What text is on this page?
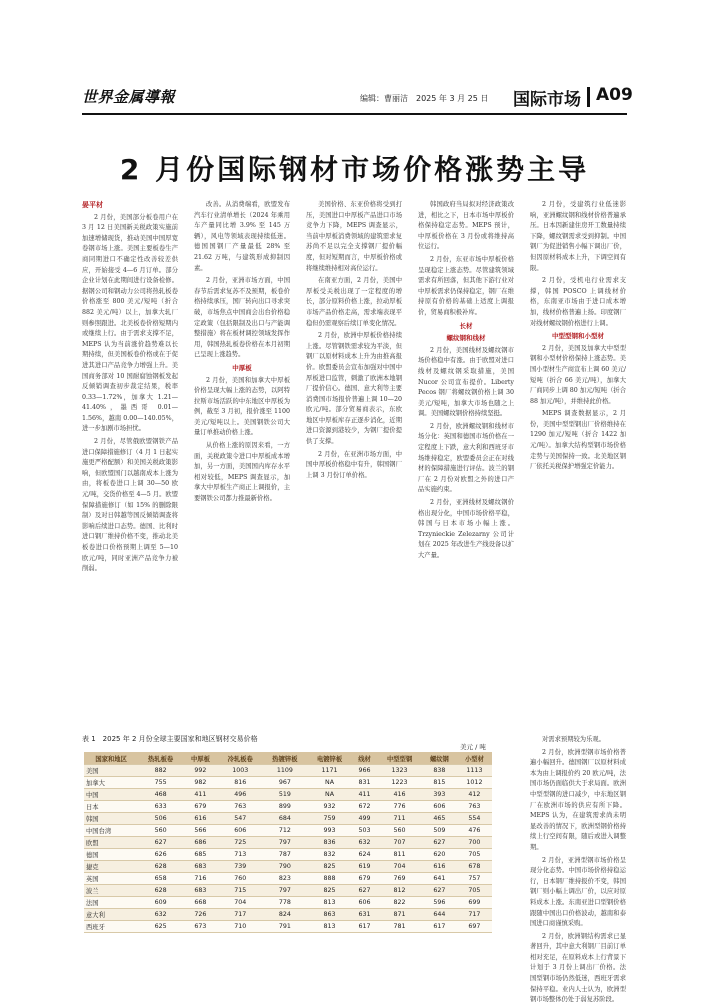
世界金属導報	编辑：曹丽洁　2025 年 3 月 25 日 国际市场 A09
2 月份国际钢材市场价格涨势主导

晏平材

2 月份，美国部分板卷用户在 3 月 12 日美国新关税政策实施前加速增储现货，推动美国中国厚宽卷钢市场上涨。美国主要板卷生产商同期进口不确定性改善较差供应，开始接受 4—6 月订单。部分企业计划在此期间进行设备检修。据钢公司和钢动力公司将热轧板卷价格涨至 800 美元/短吨（折合 882 美元/吨）以上，加拿大轧厂则参照跟进。北美板卷价格短期内或继续上行。由于需求支撑不足，MEPS 认为当前涨价趋势难以长期持续，但美国板卷价格或在于促进其进口产品竞争力增强上升。美国商务部对 10 国耐腐蚀钢板发起反倾销调查初步裁定结果，税率 0.33—1.72%，加拿大 1.21—41.40%，墨西哥 0.01—1.56%，越南 0.00—140.05%，进一步加剧市场担忧。

2 月份，尽管俄欧盟钢铁产品进口保障措施修订（4 月 1 日起实施更严格配额）和美国关税政策影响，但欧盟国门以越南成本上涨为由，将板卷进口上调 30—50 欧元/吨，交货价格至 4—5 月。欧盟保障措施修订（如 15% 的删除限制）及对日韩越等国反倾销调查将影响后续进口态势。德国、比利时进口钢厂维持价格不变，推动北美板卷进口价格预期上调至 5—10 欧元/吨，同时亚洲产品竞争力被削弱。

改善。从消费端看，欧盟发布汽车行业清单增长（2024 年乘用车产量同比增 3.9% 至 145 万辆），风电等领域表现持续低迷。德国国钢厂产量最低 28% 至 21.62 万吨，与建筑形成抑制因素。

2 月份，亚洲市场方面，中国春节后需求复苏不及预期，板卷价格持续承压，国厂转向出口寻求突破，市场焦点中国商会出台价格稳定政策（包括限制及出口与产能调整措施）将在板材调控领域发挥作用，韩国热轧板卷价格在本月初期已呈现上涨趋势。

中厚板

2 月份，美国和加拿大中厚板价格呈现大幅上涨的态势，以阿特拉斯市场活跃的中东地区中厚板为例，截至 3 月初，报价涨至 1100 美元/短吨以上。美国钢铁公司大量订单推动价格上涨。

从价格上涨的原因来看，一方面，关税政策令进口中厚板成本增加，另一方面，美国国内库存水平相对较低，MEPS 调查显示，加拿大中厚板生产商正上调报价，主要钢铁公司都力推最新价格。

美国价格、东亚价格将受到打压，美国进口中厚板产品进口市场竞争力下降，MEPS 调查显示，当前中厚板消费领域的建筑需求复苏尚不足以完全支撑钢厂提价幅度，但对短期而言，中厚板价格或将继续维持相对高位运行。

在南亚方面，2 月份，美国中厚板受关税出现了一定程度的增长，部分原料价格上涨，拉动厚板市场产品价格走高，需求端表现平稳但仍需观察后续订单变化情况。

2 月份，欧洲中厚板价格持续上涨。尽管钢铁需求较为平淡，但钢厂以原材料成本上升为由推高报价。欧盟委员会宣布加强对中国中厚板进口监管，刺激了欧洲本地钢厂提价信心。德国、意大利等主要消费国市场报价普遍上调 10—20 欧元/吨。部分贸易商表示，东欧地区中厚板库存正逐步消化，近期进口资源到港较少，为钢厂提价提供了支撑。

2 月份，在亚洲市场方面，中国中厚板价格稳中有升，韩国钢厂上调 3 月份订单价格。

韩国政府当局拟对经济政策改进，相比之下，日本市场中厚板价格保持稳定态势。MEPS 预计，中厚板价格在 3 月份或将维持高位运行。

2 月份，东亚市场中厚板价格呈现稳定上涨态势。尽管建筑领域需求有所回落，但其他下游行业对中厚板需求仍保持稳定，钢厂在维持原有价格的基础上适度上调报价，贸易商积极补库。

长材

螺纹钢和线材

2 月份，美国线材及螺纹钢市场价格稳中有涨。由于欧盟对进口线材及螺纹钢采取措施，美国 Nucor 公司宣布提价。Liberty Pecos 钢厂将螺纹钢价格上调 30 美元/短吨，加拿大市场也随之上调。美国螺纹钢价格持续坚挺。

2 月份，欧洲螺纹钢和线材市场分化：英国和德国市场价格在一定程度上下跌，意大利和西班牙市场维持稳定，欧盟委员会正在对线材的保障措施进行评估。波兰的钢厂在 2 月份对欧盟之外的进口产品实施约束。

2 月份，亚洲线材及螺纹钢价格出现分化，中国市场价格平稳，韩国与日本市场小幅上涨。Trzynieckie Zelezarny 公司计划在 2025 年改进生产线设备以扩大产量。

2 月份，受建筑行业低迷影响，亚洲螺纹钢和线材价格普遍承压。日本因新建住房开工数量持续下降，螺纹钢需求受到抑制。中国钢厂为促进销售小幅下调出厂价，但因原材料成本上升，下调空间有限。

2 月份，受机电行业需求支撑，韩国 POSCO 上调线材价格，东南亚市场由于进口成本增加，线材价格普遍上扬。印度钢厂对线材螺纹钢价格进行上调。

中型型钢和小型材

2 月份，美国及加拿大中型型钢和小型材价格保持上涨态势。美国小型材生产商宣布上调 60 美元/短吨（折合 66 美元/吨），加拿大厂商同步上调 80 加元/短吨（折合 88 加元/吨），并维持此价格。

MEPS 调查数据显示，2 月份，美国中型型钢出厂价格维持在 1290 加元/短吨（折合 1422 加元/吨）。加拿大结构型钢市场价格走势与美国保持一致。北美地区钢厂依托关税保护增强定价能力。

对需求预期较为乐观。

2 月份，欧洲型钢市场价格普遍小幅回升。德国钢厂以原材料成本为由上调报价约 20 欧元/吨，法国市场仍面临供大于求局面。欧洲中型型钢的进口减少，中东地区钢厂在欧洲市场的供应有所下降。MEPS 认为，在建筑需求尚未明显改善的情况下，欧洲型钢价格持续上行空间有限，随后或进入调整期。

2 月份，亚洲型钢市场价格呈现分化态势。中国市场价格持稳运行，日本钢厂维持报价不变，韩国钢厂则小幅上调出厂价，以应对原料成本上涨。东南亚进口型钢价格跟随中国出口价格波动，越南和泰国进口商谨慎采购。

2 月份，欧洲钢结构需求已显著回升，其中意大利钢厂目前订单相对充足，在原料成本上行背景下计划于 3 月份上调出厂价格。法国型钢市场仍然低迷，西班牙需求保持平稳。业内人士认为，欧洲型钢市场整体仍处于弱复苏阶段。

表 1　2025 年 2 月份全球主要国家和地区钢材交易价格
美元 / 吨
国家和地区	热轧板卷	中厚板	冷轧板卷	热镀锌板	电镀锌板	线材	中型型钢	螺纹钢	小型材
美国	882	992	1003	1109	1171	966	1323	838	1113
加拿大	755	982	816	967	NA	831	1223	815	1012
中国	468	411	496	519	NA	411	416	393	412
日本	633	679	763	899	932	672	776	606	763
韩国	506	616	547	684	759	499	711	465	554
中国台湾	560	566	606	712	993	503	560	509	476
欧盟	627	686	725	797	836	632	707	627	700
德国	626	685	713	787	832	624	811	620	705
捷克	628	683	739	790	825	619	704	616	678
英国	658	716	760	823	888	679	769	641	757
波兰	628	683	715	797	825	627	812	627	705
法国	609	668	704	778	813	606	822	596	699
意大利	632	726	717	824	863	631	871	644	717
西班牙	625	673	710	791	813	617	781	617	697
